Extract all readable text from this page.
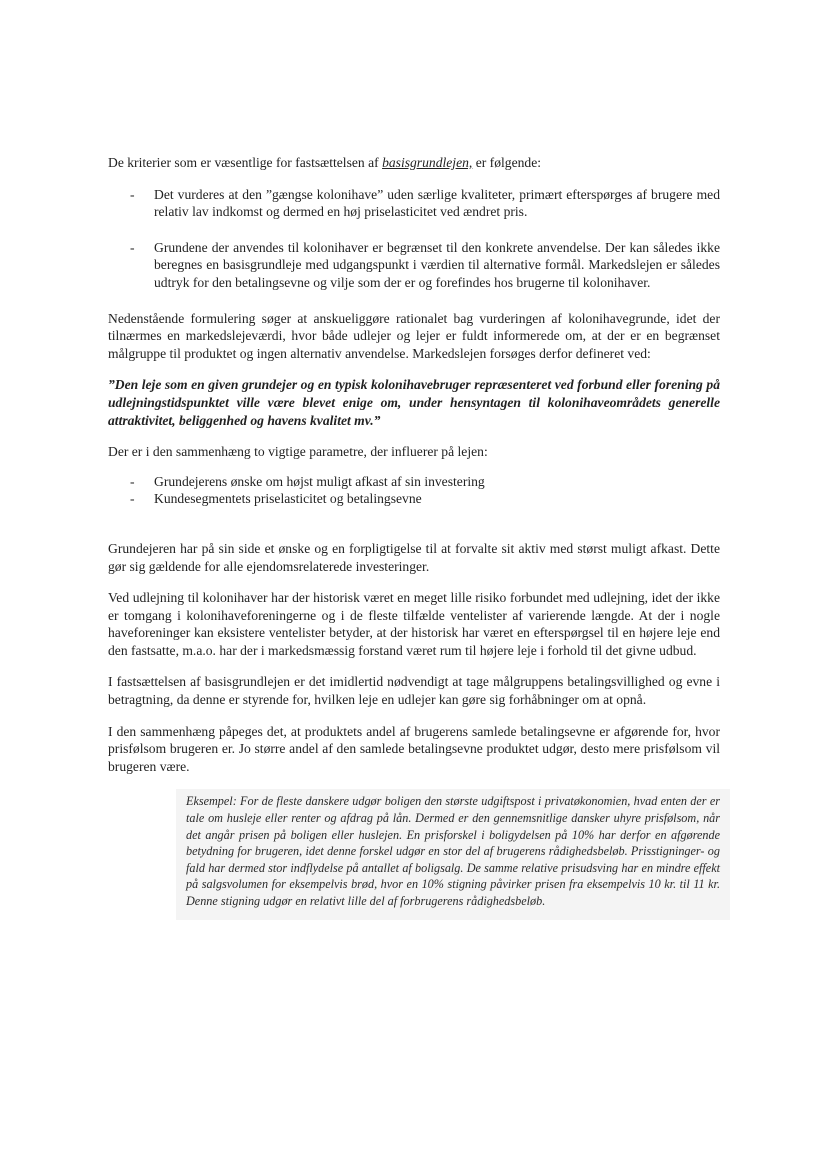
De kriterier som er væsentlige for fastsættelsen af basisgrundlejen, er følgende:

-	Det vurderes at den ”gængse kolonihave” uden særlige kvaliteter, primært efterspørges af brugere med relativ lav indkomst og dermed en høj priselasticitet ved ændret pris.
-	Grundene der anvendes til kolonihaver er begrænset til den konkrete anvendelse. Der kan således ikke beregnes en basisgrundleje med udgangspunkt i værdien til alternative formål. Markedslejen er således udtryk for den betalingsevne og vilje som der er og forefindes hos brugerne til kolonihaver.

Nedenstående formulering søger at anskueliggøre rationalet bag vurderingen af kolonihavegrunde, idet der tilnærmes en markedslejeværdi, hvor både udlejer og lejer er fuldt informerede om, at der er en begrænset målgruppe til produktet og ingen alternativ anvendelse. Markedslejen forsøges derfor defineret ved:

”Den leje som en given grundejer og en typisk kolonihavebruger repræsenteret ved forbund eller forening på udlejningstidspunktet ville være blevet enige om, under hensyntagen til kolonihaveområdets generelle attraktivitet, beliggenhed og havens kvalitet mv.”

Der er i den sammenhæng to vigtige parametre, der influerer på lejen:

-	Grundejerens ønske om højst muligt afkast af sin investering
-	Kundesegmentets priselasticitet og betalingsevne

Grundejeren har på sin side et ønske og en forpligtigelse til at forvalte sit aktiv med størst muligt afkast. Dette gør sig gældende for alle ejendomsrelaterede investeringer.

Ved udlejning til kolonihaver har der historisk været en meget lille risiko forbundet med udlejning, idet der ikke er tomgang i kolonihaveforeningerne og i de fleste tilfælde ventelister af varierende længde. At der i nogle haveforeninger kan eksistere ventelister betyder, at der historisk har været en efterspørgsel til en højere leje end den fastsatte, m.a.o. har der i markedsmæssig forstand været rum til højere leje i forhold til det givne udbud.

I fastsættelsen af basisgrundlejen er det imidlertid nødvendigt at tage målgruppens betalingsvillighed og evne i betragtning, da denne er styrende for, hvilken leje en udlejer kan gøre sig forhåbninger om at opnå.

I den sammenhæng påpeges det, at produktets andel af brugerens samlede betalingsevne er afgørende for, hvor prisfølsom brugeren er. Jo større andel af den samlede betalingsevne produktet udgør, desto mere prisfølsom vil brugeren være.

Eksempel: For de fleste danskere udgør boligen den største udgiftspost i privatøkonomien, hvad enten der er tale om husleje eller renter og afdrag på lån. Dermed er den gennemsnitlige dansker uhyre prisfølsom, når det angår prisen på boligen eller huslejen. En prisforskel i boligydelsen på 10% har derfor en afgørende betydning for brugeren, idet denne forskel udgør en stor del af brugerens rådighedsbeløb. Prisstigninger- og fald har dermed stor indflydelse på antallet af boligsalg. De samme relative prisudsving har en mindre effekt på salgsvolumen for eksempelvis brød, hvor en 10% stigning påvirker prisen fra eksempelvis 10 kr. til 11 kr. Denne stigning udgør en relativt lille del af forbrugerens rådighedsbeløb.
